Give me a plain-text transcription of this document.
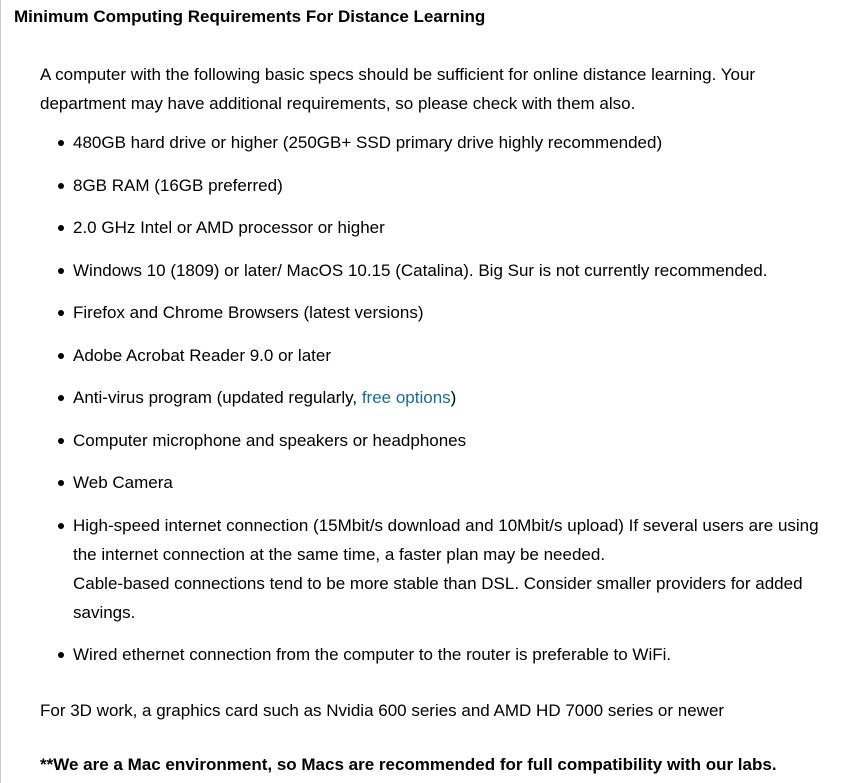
Minimum Computing Requirements For Distance Learning
A computer with the following basic specs should be sufficient for online distance learning. Your department may have additional requirements, so please check with them also.
480GB hard drive or higher (250GB+ SSD primary drive highly recommended)
8GB RAM (16GB preferred)
2.0 GHz Intel or AMD processor or higher
Windows 10 (1809) or later/ MacOS 10.15 (Catalina). Big Sur is not currently recommended.
Firefox and Chrome Browsers (latest versions)
Adobe Acrobat Reader 9.0 or later
Anti-virus program (updated regularly, free options)
Computer microphone and speakers or headphones
Web Camera
High-speed internet connection (15Mbit/s download and 10Mbit/s upload) If several users are using
the internet connection at the same time, a faster plan may be needed.
Cable-based connections tend to be more stable than DSL. Consider smaller providers for added
savings.
Wired ethernet connection from the computer to the router is preferable to WiFi.
For 3D work, a graphics card such as Nvidia 600 series and AMD HD 7000 series or newer
**We are a Mac environment, so Macs are recommended for full compatibility with our labs.
